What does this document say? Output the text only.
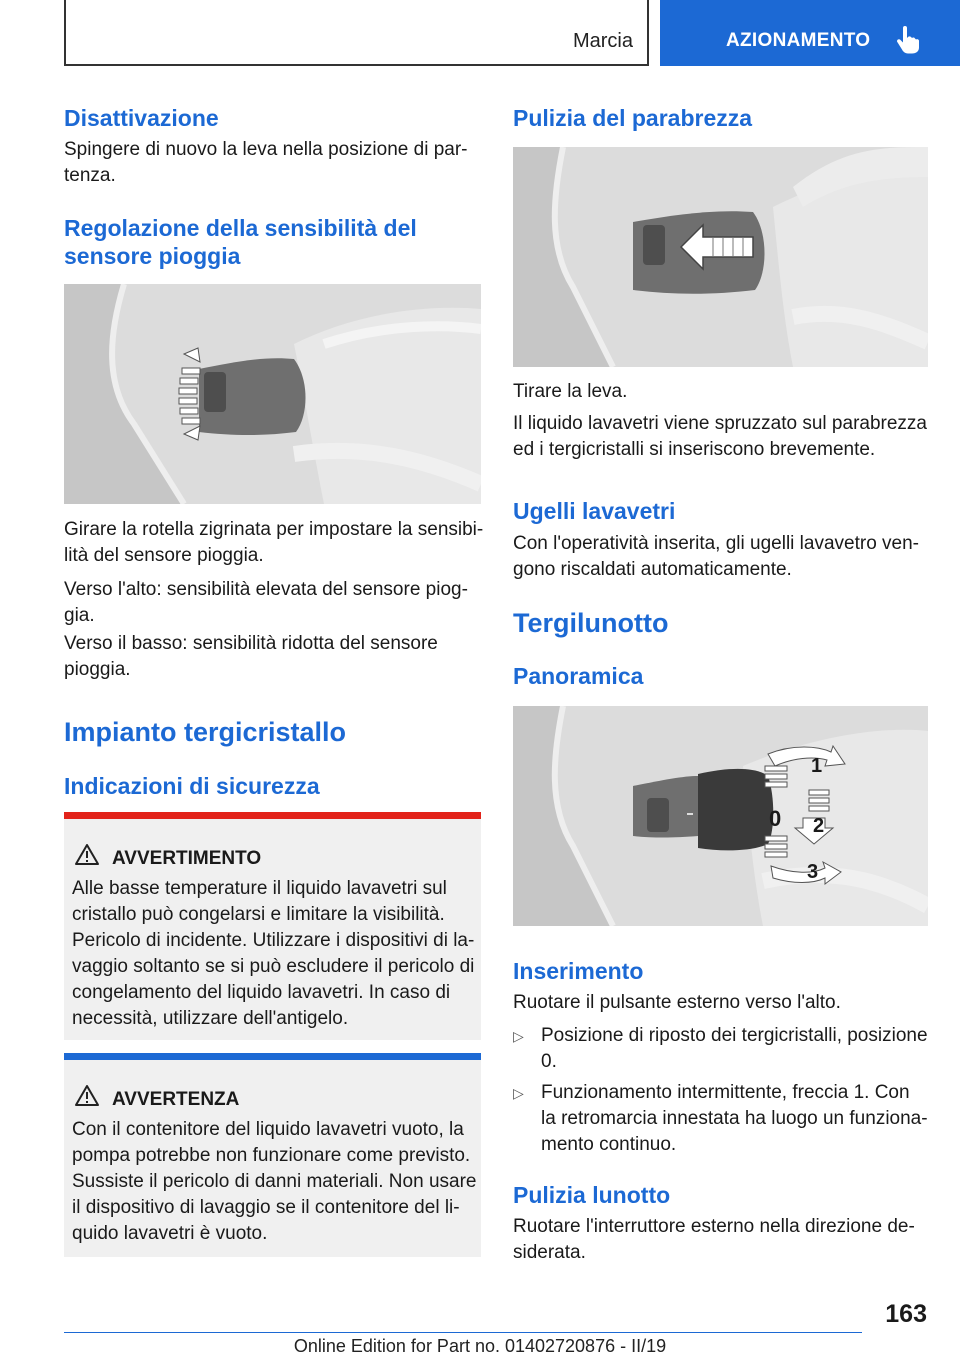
Marcia	AZIONAMENTO
Disattivazione
Spingere di nuovo la leva nella posizione di par-
tenza.
Regolazione della sensibilità del
sensore pioggia
Girare la rotella zigrinata per impostare la sensibi-
lità del sensore pioggia.
Verso l'alto: sensibilità elevata del sensore piog-
gia.
Verso il basso: sensibilità ridotta del sensore
pioggia.
Impianto tergicristallo
Indicazioni di sicurezza
AVVERTIMENTO
Alle basse temperature il liquido lavavetri sul
cristallo può congelarsi e limitare la visibilità.
Pericolo di incidente. Utilizzare i dispositivi di la-
vaggio soltanto se si può escludere il pericolo di
congelamento del liquido lavavetri. In caso di
necessità, utilizzare dell'antigelo.
AVVERTENZA
Con il contenitore del liquido lavavetri vuoto, la
pompa potrebbe non funzionare come previsto.
Sussiste il pericolo di danni materiali. Non usare
il dispositivo di lavaggio se il contenitore del li-
quido lavavetri è vuoto.
Pulizia del parabrezza
Tirare la leva.
Il liquido lavavetri viene spruzzato sul parabrezza
ed i tergicristalli si inseriscono brevemente.
Ugelli lavavetri
Con l'operatività inserita, gli ugelli lavavetro ven-
gono riscaldati automaticamente.
Tergilunotto
Panoramica
1
0 2
3
Inserimento
Ruotare il pulsante esterno verso l'alto.
▷ Posizione di riposto dei tergicristalli, posizione
0.
▷ Funzionamento intermittente, freccia 1. Con
la retromarcia innestata ha luogo un funziona-
mento continuo.
Pulizia lunotto
Ruotare l'interruttore esterno nella direzione de-
siderata.
163
Online Edition for Part no. 01402720876 - II/19
